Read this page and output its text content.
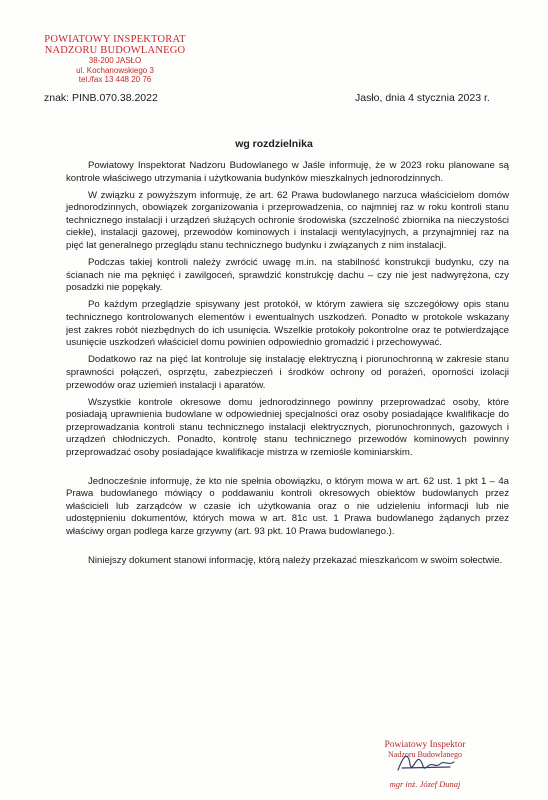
POWIATOWY INSPEKTORAT
NADZORU BUDOWLANEGO
38-200 JASŁO
ul. Kochanowskiego 3
tel./fax 13 448 20 76
znak: PINB.070.38.2022	Jasło, dnia 4 stycznia 2023 r.
wg rozdzielnika

Powiatowy Inspektorat Nadzoru Budowlanego w Jaśle informuję, że w 2023 roku planowane są kontrole właściwego utrzymania i użytkowania budynków mieszkalnych jednorodzinnych.

W związku z powyższym informuję, że art. 62 Prawa budowlanego narzuca właścicielom domów jednorodzinnych, obowiązek zorganizowania i przeprowadzenia, co najmniej raz w roku kontroli stanu technicznego instalacji i urządzeń służących ochronie środowiska (szczelność zbiornika na nieczystości ciekłe), instalacji gazowej, przewodów kominowych i instalacji wentylacyjnych, a przynajmniej raz na pięć lat generalnego przeglądu stanu technicznego budynku i związanych z nim instalacji.

Podczas takiej kontroli należy zwrócić uwagę m.in. na stabilność konstrukcji budynku, czy na ścianach nie ma pęknięć i zawilgoceń, sprawdzić konstrukcję dachu – czy nie jest nadwyrężona, czy posadzki nie popękały.

Po każdym przeglądzie spisywany jest protokół, w którym zawiera się szczegółowy opis stanu technicznego kontrolowanych elementów i ewentualnych uszkodzeń. Ponadto w protokole wskazany jest zakres robót niezbędnych do ich usunięcia. Wszelkie protokoły pokontrolne oraz te potwierdzające usunięcie uszkodzeń właściciel domu powinien odpowiednio gromadzić i przechowywać.

Dodatkowo raz na pięć lat kontroluje się instalację elektryczną i piorunochronną w zakresie stanu sprawności połączeń, osprzętu, zabezpieczeń i środków ochrony od porażeń, oporności izolacji przewodów oraz uziemień instalacji i aparatów.

Wszystkie kontrole okresowe domu jednorodzinnego powinny przeprowadzać osoby, które posiadają uprawnienia budowlane w odpowiedniej specjalności oraz osoby posiadające kwalifikacje do przeprowadzania kontroli stanu technicznego instalacji elektrycznych, piorunochronnych, gazowych i urządzeń chłodniczych. Ponadto, kontrolę stanu technicznego przewodów kominowych powinny przeprowadzać osoby posiadające kwalifikacje mistrza w rzemiośle kominiarskim.

Jednocześnie informuję, że kto nie spełnia obowiązku, o którym mowa w art. 62 ust. 1 pkt 1 – 4a Prawa budowlanego mówiący o poddawaniu kontroli okresowych obiektów budowlanych przez właścicieli lub zarządców w czasie ich użytkowania oraz o nie udzieleniu informacji lub nie udostępnieniu dokumentów, których mowa w art. 81c ust. 1 Prawa budowlanego żądanych przez właściwy organ podlega karze grzywny (art. 93 pkt. 10 Prawa budowlanego.).

Niniejszy dokument stanowi informację, którą należy przekazać mieszkańcom w swoim sołectwie.

Powiatowy Inspektor
Nadzoru Budowlanego
mgr inż. Józef Dunaj
